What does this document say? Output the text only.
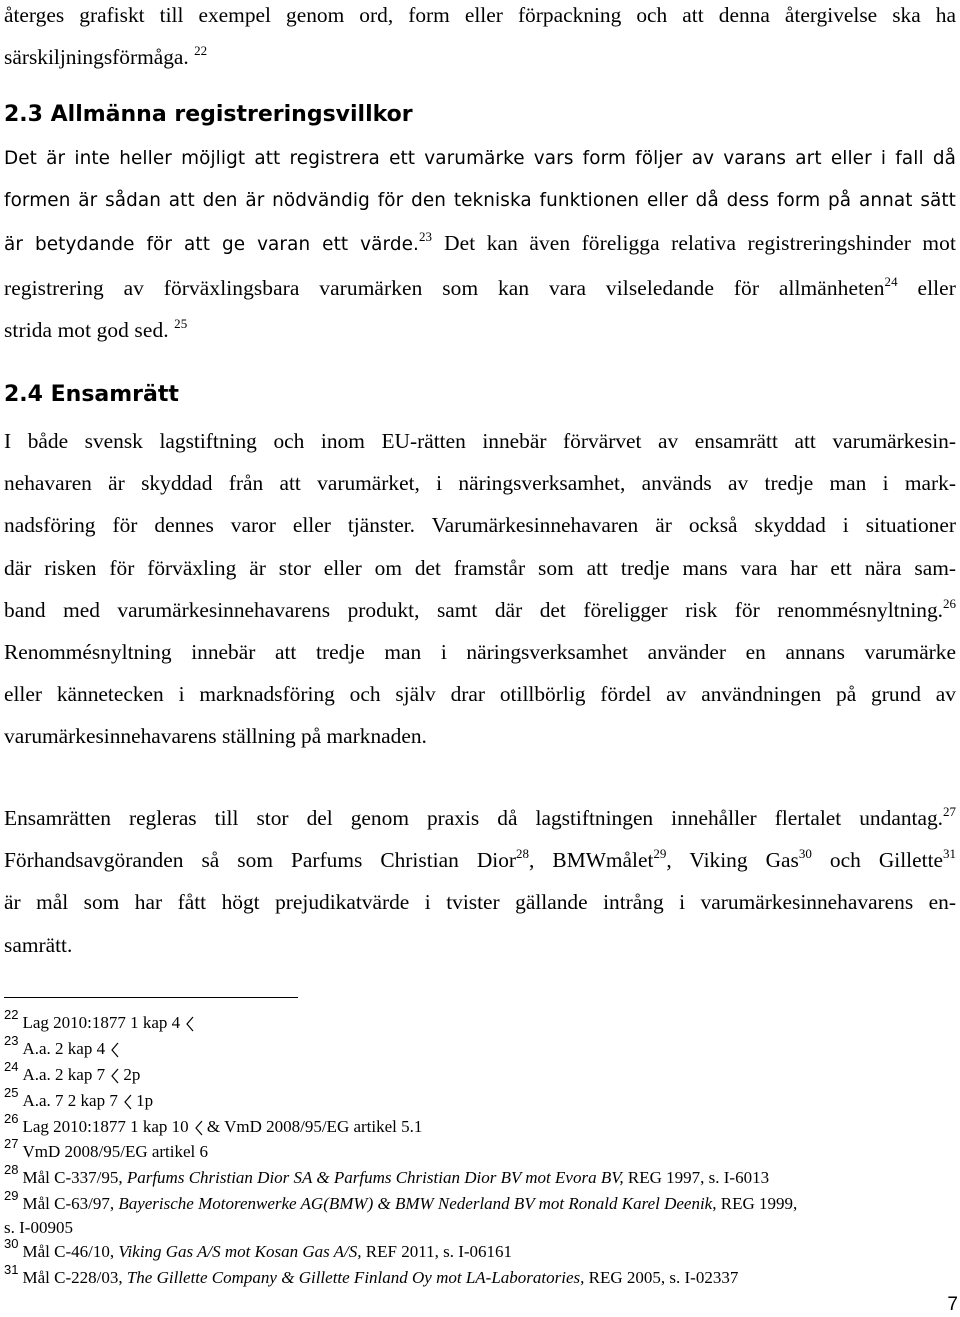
återges grafiskt till exempel genom ord, form eller förpackning och att denna återgivelse ska ha
särskiljningsförmåga. $^{22}$
2.3 Allmänna registreringsvillkor
Det är inte heller möjligt att registrera ett varumärke vars form följer av varans art eller i fall då
formen är sådan att den är nödvändig för den tekniska funktionen eller då dess form på annat sätt
är betydande för att ge varan ett värde.$^{23}$ Det kan även föreligga relativa registreringshinder mot
registrering av förväxlingsbara varumärken som kan vara vilseledande för allmänheten$^{24}$ eller
strida mot god sed. $^{25}$
2.4 Ensamrätt
I både svensk lagstiftning och inom EU-rätten innebär förvärvet av ensamrätt att varumärkesin-
nehavaren är skyddad från att varumärket, i näringsverksamhet, används av tredje man i mark-
nadsföring för dennes varor eller tjänster. Varumärkesinnehavaren är också skyddad i situationer
där risken för förväxling är stor eller om det framstår som att tredje mans vara har ett nära sam-
band med varumärkesinnehavarens produkt, samt där det föreligger risk för renommésnyltning.$^{26}$
Renommésnyltning innebär att tredje man i näringsverksamhet använder en annans varumärke
eller kännetecken i marknadsföring och själv drar otillbörlig fördel av användningen på grund av
varumärkesinnehavarens ställning på marknaden.
Ensamrätten regleras till stor del genom praxis då lagstiftningen innehåller flertalet undantag.$^{27}$
Förhandsavgöranden så som Parfums Christian Dior$^{28}$, BMWmålet$^{29}$, Viking Gas$^{30}$ och Gillette$^{31}$
är mål som har fått högt prejudikatvärde i tvister gällande intrång i varumärkesinnehavarens en-
samrätt.
$^{22}$ Lag 2010:1877 1 kap 4
$^{23}$ A.a. 2 kap 4
$^{24}$ A.a. 2 kap 7 2p
$^{25}$ A.a. 7 2 kap 7 1p
$^{26}$ Lag 2010:1877 1 kap 10 & VmD 2008/95/EG artikel 5.1
$^{27}$ VmD 2008/95/EG artikel 6
$^{28}$ Mål C-337/95, Parfums Christian Dior SA & Parfums Christian Dior BV mot Evora BV, REG 1997, s. I-6013
$^{29}$ Mål C-63/97, Bayerische Motorenwerke AG(BMW) & BMW Nederland BV mot Ronald Karel Deenik, REG 1999,
s. I-00905
$^{30}$ Mål C-46/10, Viking Gas A/S mot Kosan Gas A/S, REF 2011, s. I-06161
$^{31}$ Mål C-228/03, The Gillette Company & Gillette Finland Oy mot LA-Laboratories, REG 2005, s. I-02337
7
